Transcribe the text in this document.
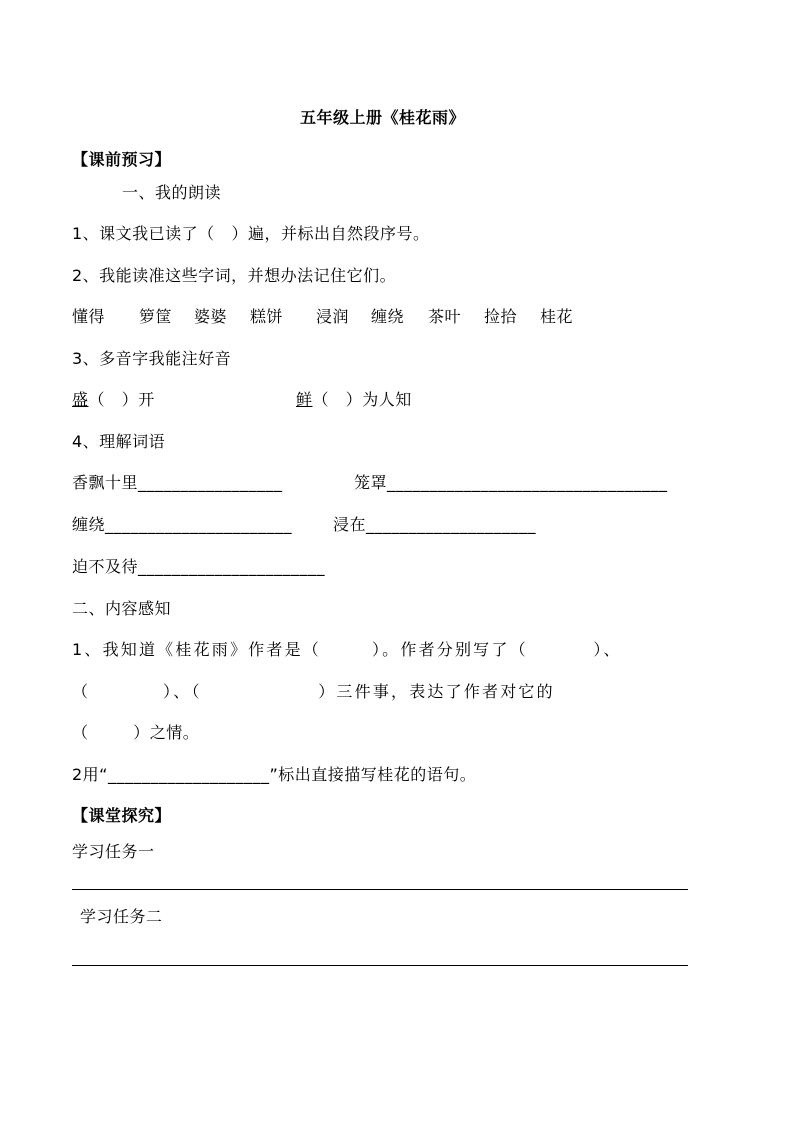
五年级上册《桂花雨》
【课前预习】
一、我的朗读
1、课文我已读了（   ）遍，并标出自然段序号。
2、我能读准这些字词，并想办法记住它们。
懂得 箩筐 婆婆 糕饼 浸润 缠绕 茶叶 捡拾 桂花
3、多音字我能注好音
盛（   ）开	鲜（   ）为人知
4、理解词语
香飘十里_________________	笼罩_________________________________
缠绕______________________	浸在____________________
迫不及待______________________
二、内容感知
1、我知道《桂花雨》作者是（       ）。作者分别写了（         ）、
（          ）、（                ）三件事，表达了作者对它的
（        ）之情。
2用“___________________”标出直接描写桂花的语句。
【课堂探究】
学习任务一
学习任务二
